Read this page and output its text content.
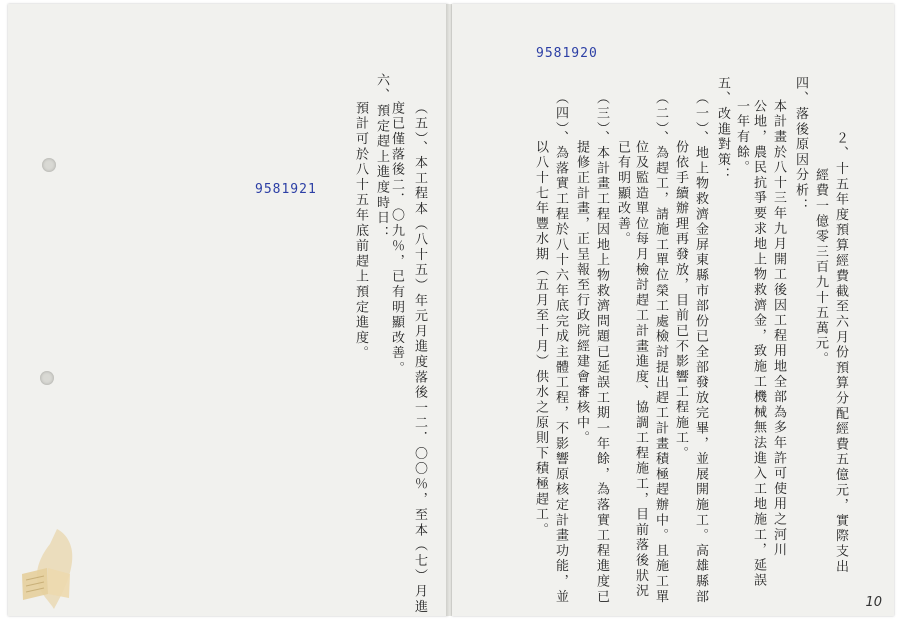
9581921	（五）、本工程本（八十五）年元月進度落後一二．〇〇％，至本（七）月進
度已僅落後二．〇九％，已有明顯改善。
六、預定趕上進度時日：
預計可於八十五年底前趕上預定進度。
9581920
２、十五年度預算經費截至六月份預算分配經費五億元，實際支出
經費一億零三百九十五萬元。
四、落後原因分析：
本計畫於八十三年九月開工後因工程用地全部為多年許可使用之河川
公地，農民抗爭要求地上物救濟金，致施工機械無法進入工地施工，延誤
一年有餘。
五、改進對策：
（一）、地上物救濟金屏東縣市部份已全部發放完畢，並展開施工。高雄縣部
份依手續辦理再發放，目前已不影響工程施工。
（二）、為趕工，請施工單位榮工處檢討提出趕工計畫積極趕辦中。且施工單
位及監造單位每月檢討趕工計畫進度、協調工程施工，目前落後狀況
已有明顯改善。
（三）、本計畫工程因地上物救濟問題已延誤工期一年餘，為落實工程進度已
提修正計畫，正呈報至行政院經建會審核中。
（四）、為落實工程於八十六年底完成主體工程，不影響原核定計畫功能，並
以八十七年豐水期（五月至十月）供水之原則下積極趕工。
10
